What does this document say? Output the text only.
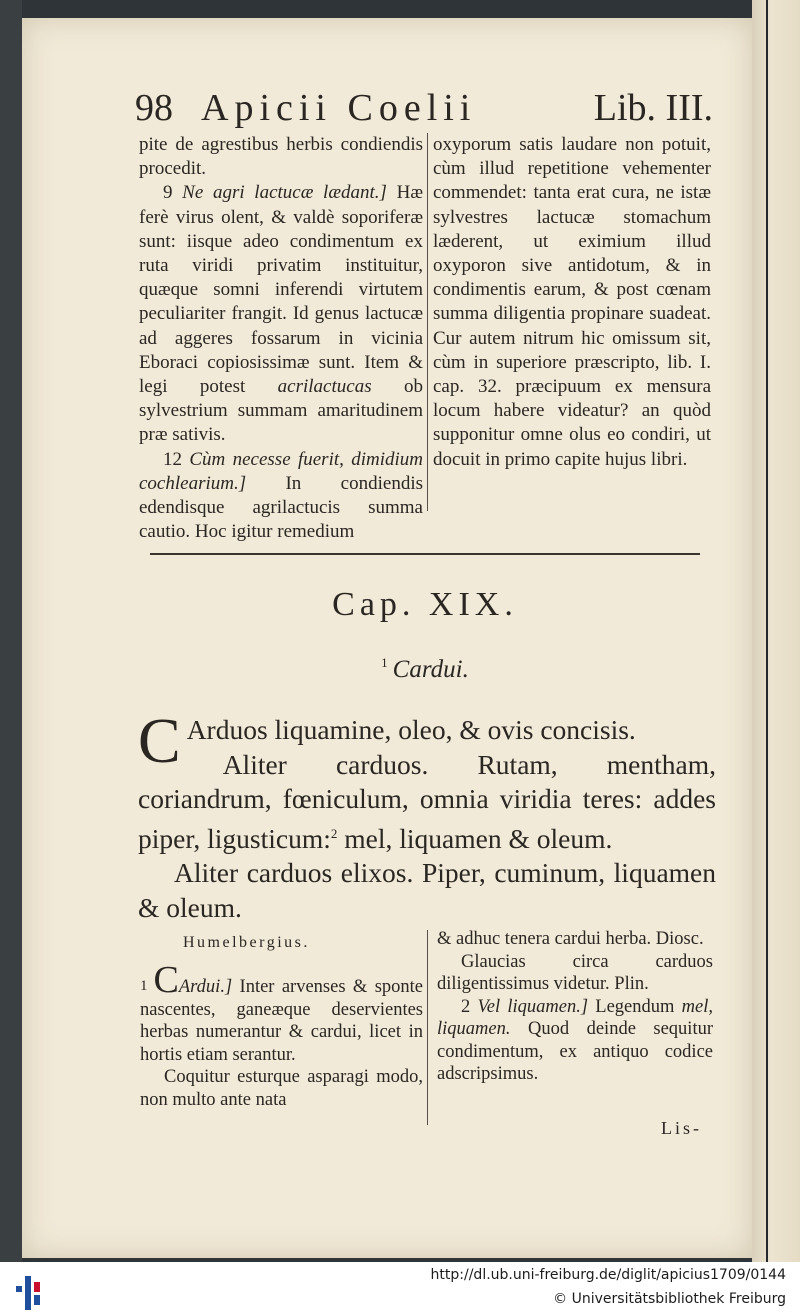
98 Apicii Coelii	Lib. III.

pite de agrestibus herbis condiendis procedit.

9 Ne agri lactucæ lædant.] Hæ ferè virus olent, & valdè soporiferæ sunt: iisque adeo condimentum ex ruta viridi privatim instituitur, quæque somni inferendi virtutem peculiariter frangit. Id genus lactucæ ad aggeres fossarum in vicinia Eboraci copiosissimæ sunt. Item & legi potest acrilactucas ob sylvestrium summam amaritudinem præ sativis.

12 Cùm necesse fuerit, dimidium cochlearium.] In condiendis edendisque agrilactucis summa cautio. Hoc igitur remedium

oxyporum satis laudare non potuit, cùm illud repetitione vehementer commendet: tanta erat cura, ne istæ sylvestres lactucæ stomachum læderent, ut eximium illud oxyporon sive antidotum, & in condimentis earum, & post cœnam summa diligentia propinare suadeat. Cur autem nitrum hic omissum sit, cùm in superiore præscripto, lib. I. cap. 32. præcipuum ex mensura locum habere videatur? an quòd supponitur omne olus eo condiri, ut docuit in primo capite hujus libri.

Cap. XIX.
$^1$ Cardui.

C Arduos liquamine, oleo, & ovis concisis.

Aliter carduos. Rutam, mentham, coriandrum, fœniculum, omnia viridia teres: addes piper, ligusticum:$^2$ mel, liquamen & oleum.

Aliter carduos elixos. Piper, cuminum, liquamen & oleum.

Humelbergius.

1 CArdui.] Inter arvenses & sponte nascentes, ganeæque deservientes herbas numerantur & cardui, licet in hortis etiam serantur.

Coquitur esturque asparagi modo, non multo ante nata

& adhuc tenera cardui herba. Diosc.

Glaucias circa carduos diligentissimus videtur. Plin.

2 Vel liquamen.] Legendum mel, liquamen. Quod deinde sequitur condimentum, ex antiquo codice adscripsimus.

Lis-
http://dl.ub.uni-freiburg.de/diglit/apicius1709/0144
© Universitätsbibliothek Freiburg
